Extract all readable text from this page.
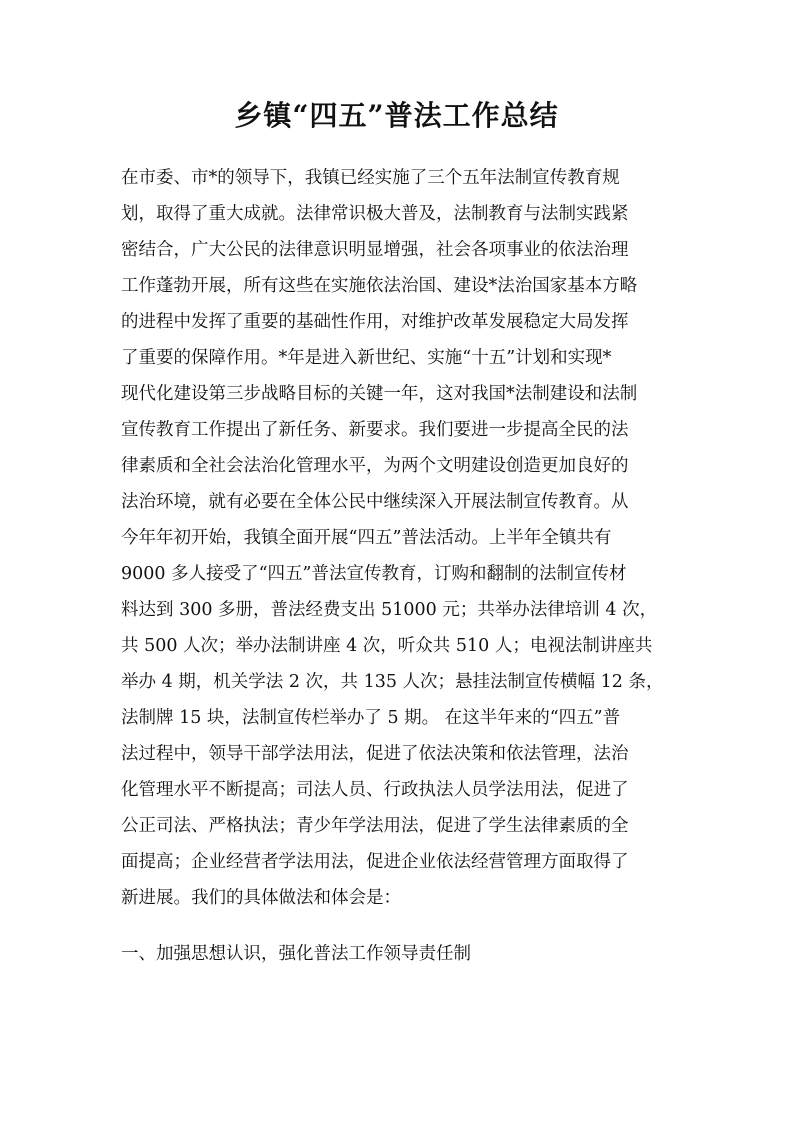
乡镇“四五”普法工作总结
在市委、市*的领导下，我镇已经实施了三个五年法制宣传教育规
划，取得了重大成就。法律常识极大普及，法制教育与法制实践紧
密结合，广大公民的法律意识明显增强，社会各项事业的依法治理
工作蓬勃开展，所有这些在实施依法治国、建设*法治国家基本方略
的进程中发挥了重要的基础性作用，对维护改革发展稳定大局发挥
了重要的保障作用。*年是进入新世纪、实施“十五”计划和实现*
现代化建设第三步战略目标的关键一年，这对我国*法制建设和法制
宣传教育工作提出了新任务、新要求。我们要进一步提高全民的法
律素质和全社会法治化管理水平，为两个文明建设创造更加良好的
法治环境，就有必要在全体公民中继续深入开展法制宣传教育。从
今年年初开始，我镇全面开展“四五”普法活动。上半年全镇共有
9000 多人接受了“四五”普法宣传教育，订购和翻制的法制宣传材
料达到 300 多册，普法经费支出 51000 元；共举办法律培训 4 次，
共 500 人次；举办法制讲座 4 次，听众共 510 人；电视法制讲座共
举办 4 期，机关学法 2 次，共 135 人次；悬挂法制宣传横幅 12 条，
法制牌 15 块，法制宣传栏举办了 5 期。 在这半年来的“四五”普
法过程中，领导干部学法用法，促进了依法决策和依法管理，法治
化管理水平不断提高；司法人员、行政执法人员学法用法，促进了
公正司法、严格执法；青少年学法用法，促进了学生法律素质的全
面提高；企业经营者学法用法，促进企业依法经营管理方面取得了
新进展。我们的具体做法和体会是：
一、加强思想认识，强化普法工作领导责任制
